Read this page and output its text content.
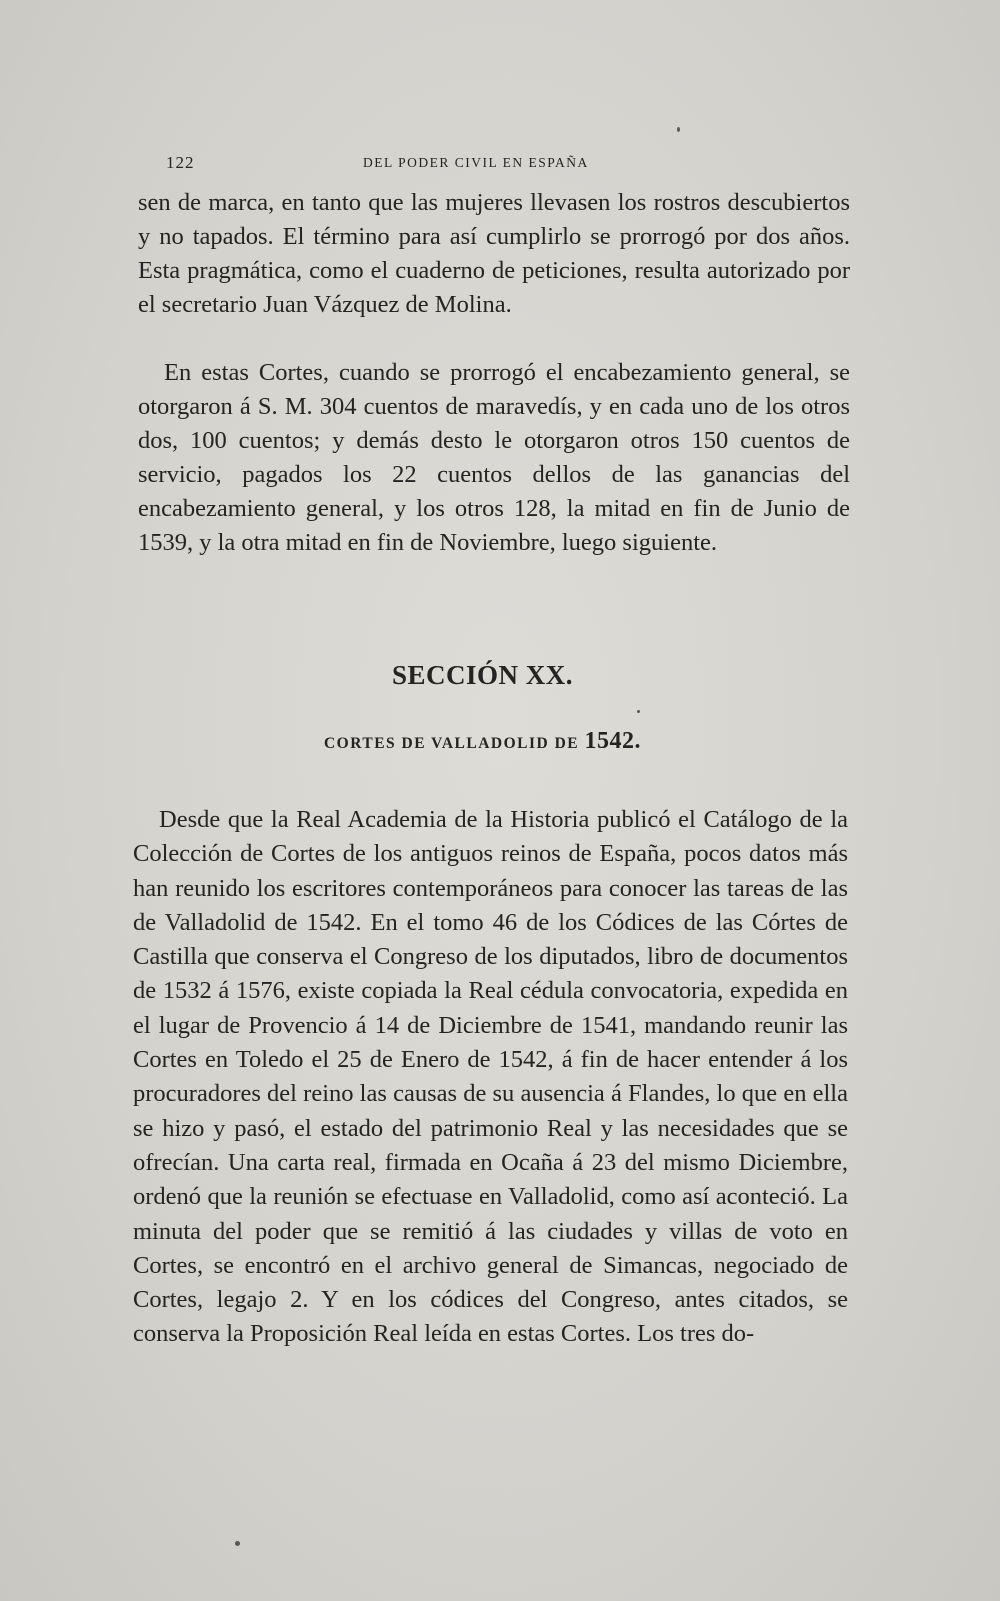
122	DEL PODER CIVIL EN ESPAÑA

sen de marca, en tanto que las mujeres llevasen los rostros descubiertos y no tapados. El término para así cumplirlo se prorrogó por dos años. Esta pragmática, como el cuaderno de peticiones, resulta autorizado por el secretario Juan Vázquez de Molina.

En estas Cortes, cuando se prorrogó el encabezamiento general, se otorgaron á S. M. 304 cuentos de maravedís, y en cada uno de los otros dos, 100 cuentos; y demás desto le otorgaron otros 150 cuentos de servicio, pagados los 22 cuentos dellos de las ganancias del encabezamiento general, y los otros 128, la mitad en fin de Junio de 1539, y la otra mitad en fin de Noviembre, luego siguiente.

SECCIÓN XX.
CORTES DE VALLADOLID DE 1542.

Desde que la Real Academia de la Historia publicó el Catálogo de la Colección de Cortes de los antiguos reinos de España, pocos datos más han reunido los escritores contemporáneos para conocer las tareas de las de Valladolid de 1542. En el tomo 46 de los Códices de las Córtes de Castilla que conserva el Congreso de los diputados, libro de documentos de 1532 á 1576, existe copiada la Real cédula convocatoria, expedida en el lugar de Provencio á 14 de Diciembre de 1541, mandando reunir las Cortes en Toledo el 25 de Enero de 1542, á fin de hacer entender á los procuradores del reino las causas de su ausencia á Flandes, lo que en ella se hizo y pasó, el estado del patrimonio Real y las necesidades que se ofrecían. Una carta real, firmada en Ocaña á 23 del mismo Diciembre, ordenó que la reunión se efectuase en Valladolid, como así aconteció. La minuta del poder que se remitió á las ciudades y villas de voto en Cortes, se encontró en el archivo general de Simancas, negociado de Cortes, legajo 2. Y en los códices del Congreso, antes citados, se conserva la Proposición Real leída en estas Cortes. Los tres do-
